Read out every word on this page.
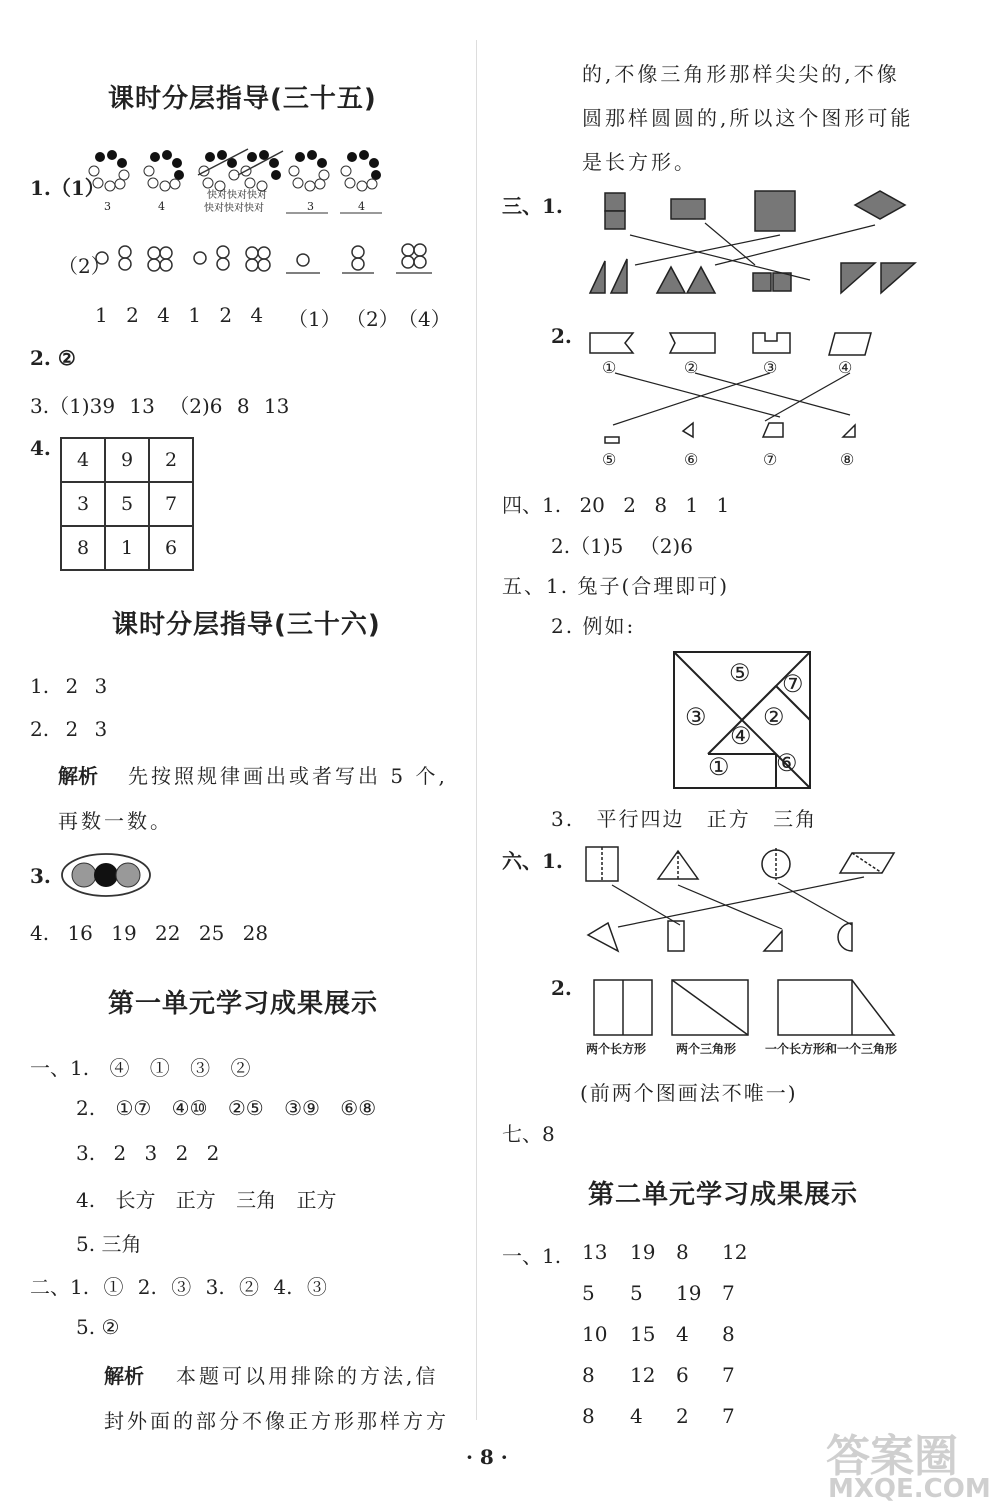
课时分层指导(三十五)
1.（1）
3	4
快对快对快对
快对快对快对	3	4
（2）
1 2 4 1 2 4 （1） （2） （4）
2. ②
3.（1)39 13 （2)6 8 13
4. 4	9	2
3	5	7
8	1	6
课时分层指导(三十六)
1. 2 3
2. 2 3
解析 先按照规律画出或者写出 5 个,
再数一数。
3.
4. 16 19 22 25 28
第一单元学习成果展示
一、1. ④ ① ③ ②
2. ①⑦ ④⑩ ②⑤ ③⑨ ⑥⑧
3. 2 3 2 2
4. 长方 正方 三角 正方
5. 三角
二、1. ① 2. ③ 3. ② 4. ③
5. ②
解析 本题可以用排除的方法,信
封外面的部分不像正方形那样方方
的,不像三角形那样尖尖的,不像
圆那样圆圆的,所以这个图形可能
是长方形。
三、1.
2.
①	②	③	④
⑤	⑥	⑦	⑧
四、1. 20 2 8 1 1
2.（1)5 （2)6
五、1. 兔子(合理即可)
2. 例如:
⑤ ⑦
③ ②
④
① ⑥
3. 平行四边 正方 三角
六、1.
2.
两个长方形 两个三角形 一个长方形和一个三角形
(前两个图画法不唯一)
七、8
第二单元学习成果展示
一、1. 13 19 8 12
5 5 19 7
10 15 4 8
8 12 6 7
8 4 2 7
· 8 ·	答案圈
MXQE.COM
